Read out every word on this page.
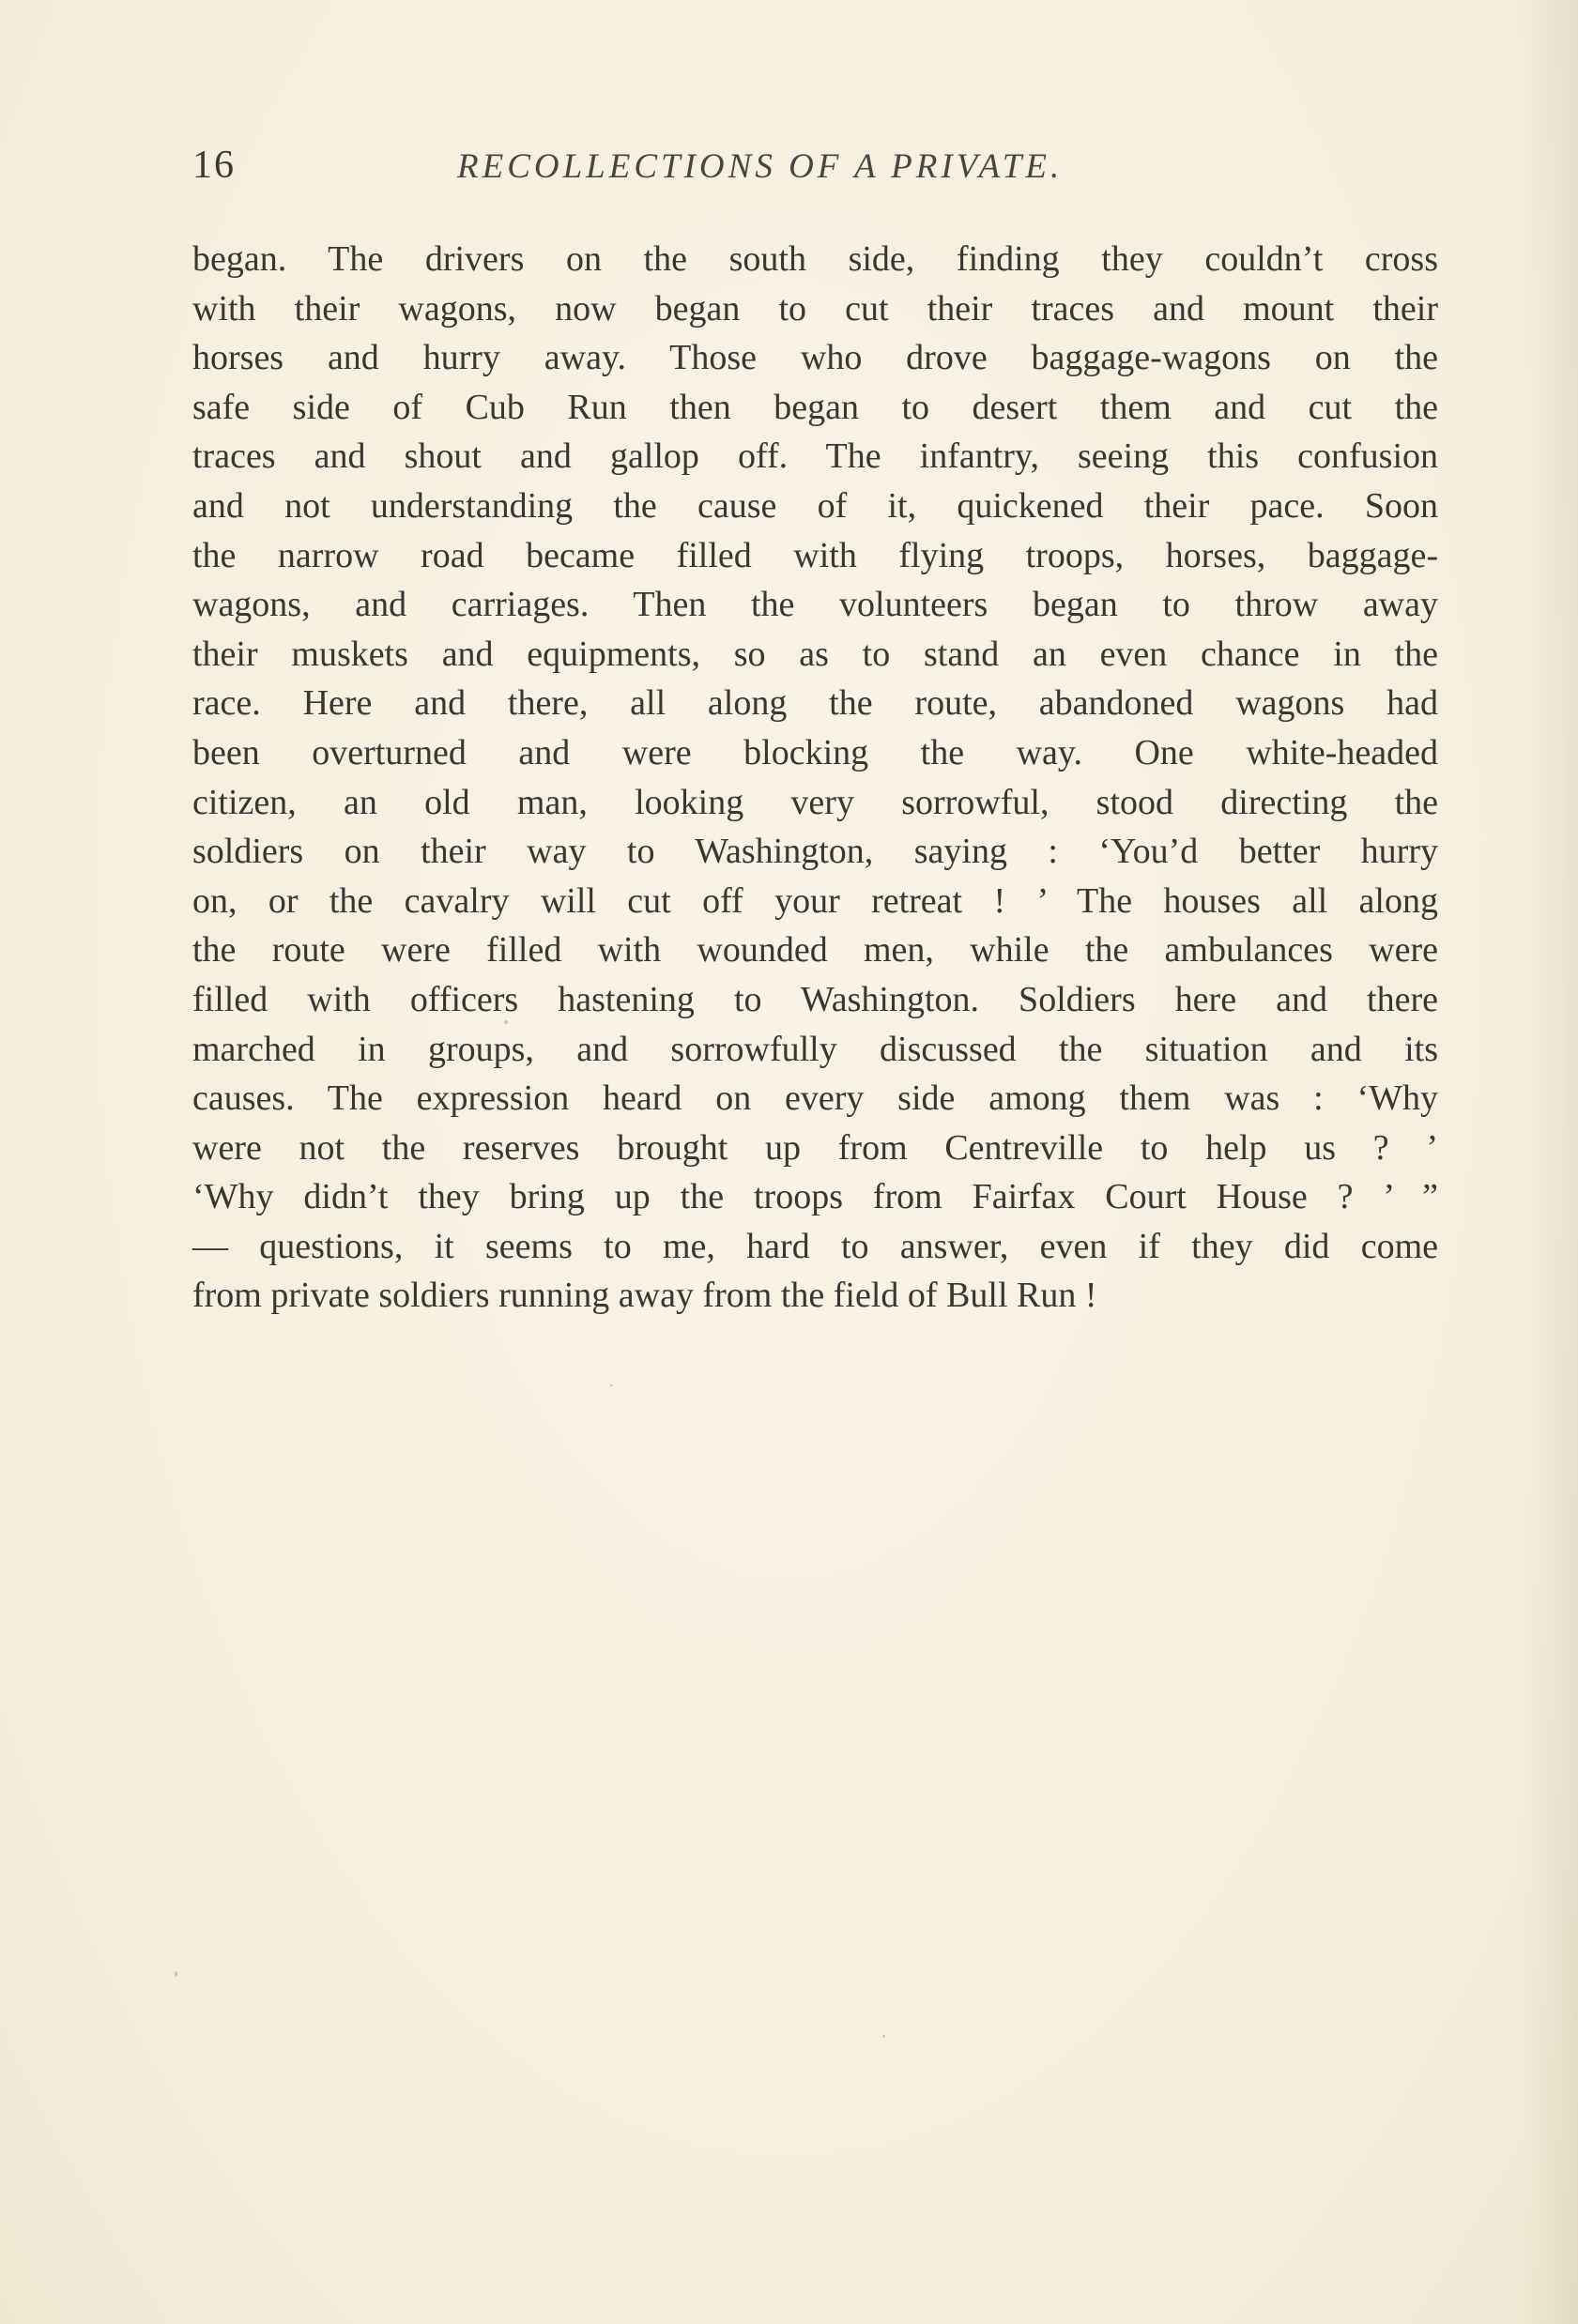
16	RECOLLECTIONS OF A PRIVATE.
began. The drivers on the south side, finding they couldn’t cross
with their wagons, now began to cut their traces and mount their
horses and hurry away. Those who drove baggage-wagons on the
safe side of Cub Run then began to desert them and cut the
traces and shout and gallop off. The infantry, seeing this confusion
and not understanding the cause of it, quickened their pace. Soon
the narrow road became filled with flying troops, horses, baggage-
wagons, and carriages. Then the volunteers began to throw away
their muskets and equipments, so as to stand an even chance in the
race. Here and there, all along the route, abandoned wagons had
been overturned and were blocking the way. One white-headed
citizen, an old man, looking very sorrowful, stood directing the
soldiers on their way to Washington, saying : ‘You’d better hurry
on, or the cavalry will cut off your retreat ! ’ The houses all along
the route were filled with wounded men, while the ambulances were
filled with officers hastening to Washington. Soldiers here and there
marched in groups, and sorrowfully discussed the situation and its
causes. The expression heard on every side among them was : ‘Why
were not the reserves brought up from Centreville to help us ? ’
‘Why didn’t they bring up the troops from Fairfax Court House ? ’ ”
— questions, it seems to me, hard to answer, even if they did come
from private soldiers running away from the field of Bull Run !
